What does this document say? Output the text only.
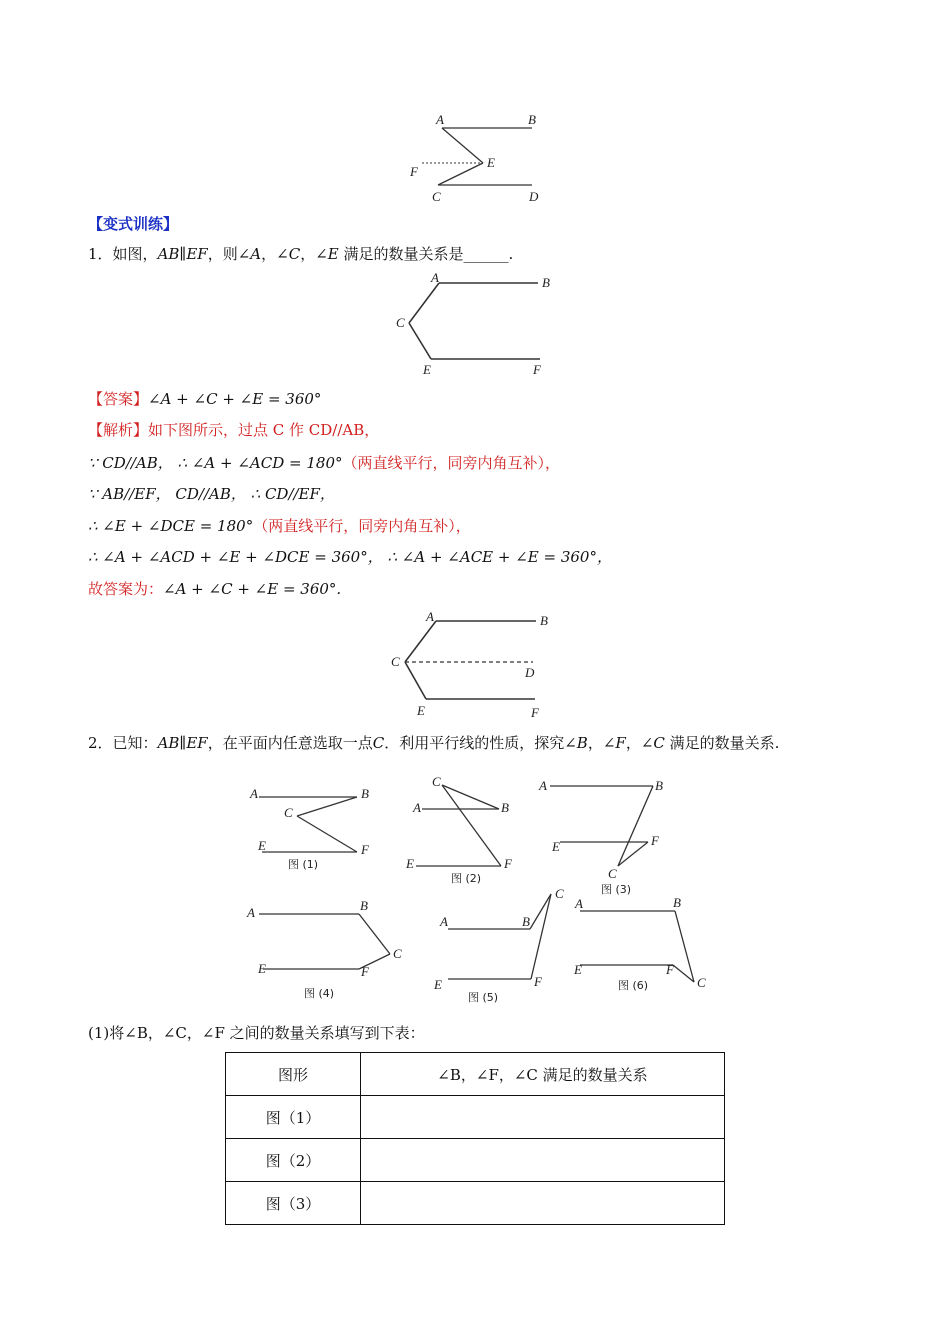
A	B
E
F
C	D
【变式训练】
1．如图，AB∥EF，则∠A，∠C，∠E 满足的数量关系是______.
A	B
C
E	F
【答案】∠A + ∠C + ∠E = 360°
【解析】如下图所示，过点 C 作 CD//AB，
∵ CD//AB， ∴ ∠A + ∠ACD = 180°（两直线平行，同旁内角互补），
∵ AB//EF， CD//AB， ∴ CD//EF，
∴ ∠E + ∠DCE = 180°（两直线平行，同旁内角互补），
∴ ∠A + ∠ACD + ∠E + ∠DCE = 360°， ∴ ∠A + ∠ACE + ∠E = 360°，
故答案为：∠A + ∠C + ∠E = 360°.
A	B
C
D
E	F
2．已知：AB∥EF，在平面内任意选取一点C．利用平行线的性质，探究∠B，∠F，∠C 满足的数量关系.
A	B
C
E	F
图 (1)
C
A	B
E	F
图 (2)
A	B
F
E
C
图 (3)
A	B
C
E	F
图 (4)
A	B
C
E	F
图 (5)
A	B
E	F
C
图 (6)
(1)将∠B，∠C，∠F 之间的数量关系填写到下表：
图形	∠B，∠F，∠C 满足的数量关系
图（1）	
图（2）	
图（3）	
